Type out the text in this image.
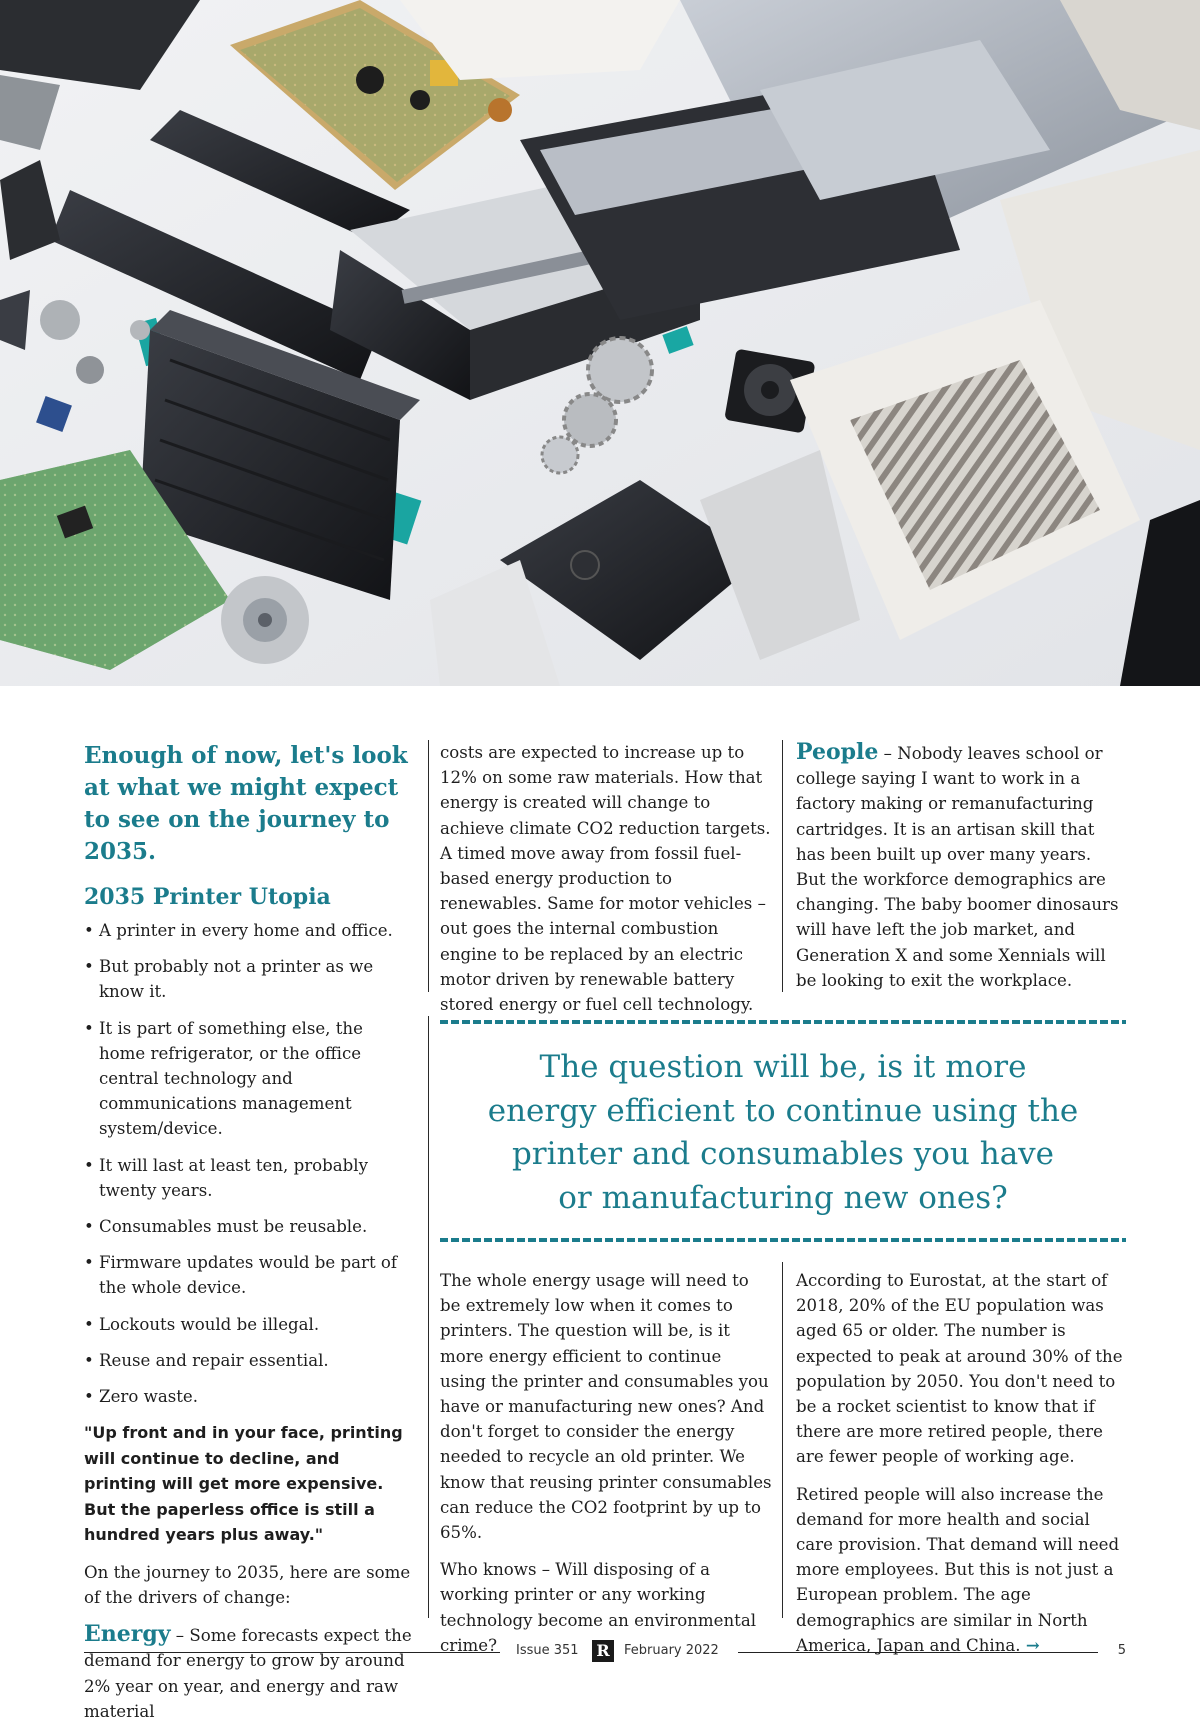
Enough of now, let's look at what we might expect to see on the journey to 2035.
2035 Printer Utopia
• A printer in every home and office.
• But probably not a printer as we know it.
• It is part of something else, the home refrigerator, or the office central technology and communications management system/device.
• It will last at least ten, probably twenty years.
• Consumables must be reusable.
• Firmware updates would be part of the whole device.
• Lockouts would be illegal.
• Reuse and repair essential.
• Zero waste.

"Up front and in your face, printing will continue to decline, and printing will get more expensive. But the paperless office is still a hundred years plus away."

On the journey to 2035, here are some of the drivers of change:

Energy – Some forecasts expect the demand for energy to grow by around 2% year on year, and energy and raw material

costs are expected to increase up to 12% on some raw materials. How that energy is created will change to achieve climate CO2 reduction targets. A timed move away from fossil fuel-based energy production to renewables. Same for motor vehicles – out goes the internal combustion engine to be replaced by an electric motor driven by renewable battery stored energy or fuel cell technology.

People – Nobody leaves school or college saying I want to work in a factory making or remanufacturing cartridges. It is an artisan skill that has been built up over many years. But the workforce demographics are changing. The baby boomer dinosaurs will have left the job market, and Generation X and some Xennials will be looking to exit the workplace.

The question will be, is it more
energy efficient to continue using the
printer and consumables you have
or manufacturing new ones?

The whole energy usage will need to be extremely low when it comes to printers. The question will be, is it more energy efficient to continue using the printer and consumables you have or manufacturing new ones? And don't forget to consider the energy needed to recycle an old printer. We know that reusing printer consumables can reduce the CO2 footprint by up to 65%.

Who knows – Will disposing of a working printer or any working technology become an environmental crime?

According to Eurostat, at the start of 2018, 20% of the EU population was aged 65 or older. The number is expected to peak at around 30% of the population by 2050. You don't need to be a rocket scientist to know that if there are more retired people, there are fewer people of working age.

Retired people will also increase the demand for more health and social care provision. That demand will need more employees. But this is not just a European problem. The age demographics are similar in North America, Japan and China. →

Issue 351 R	February 2022	5
